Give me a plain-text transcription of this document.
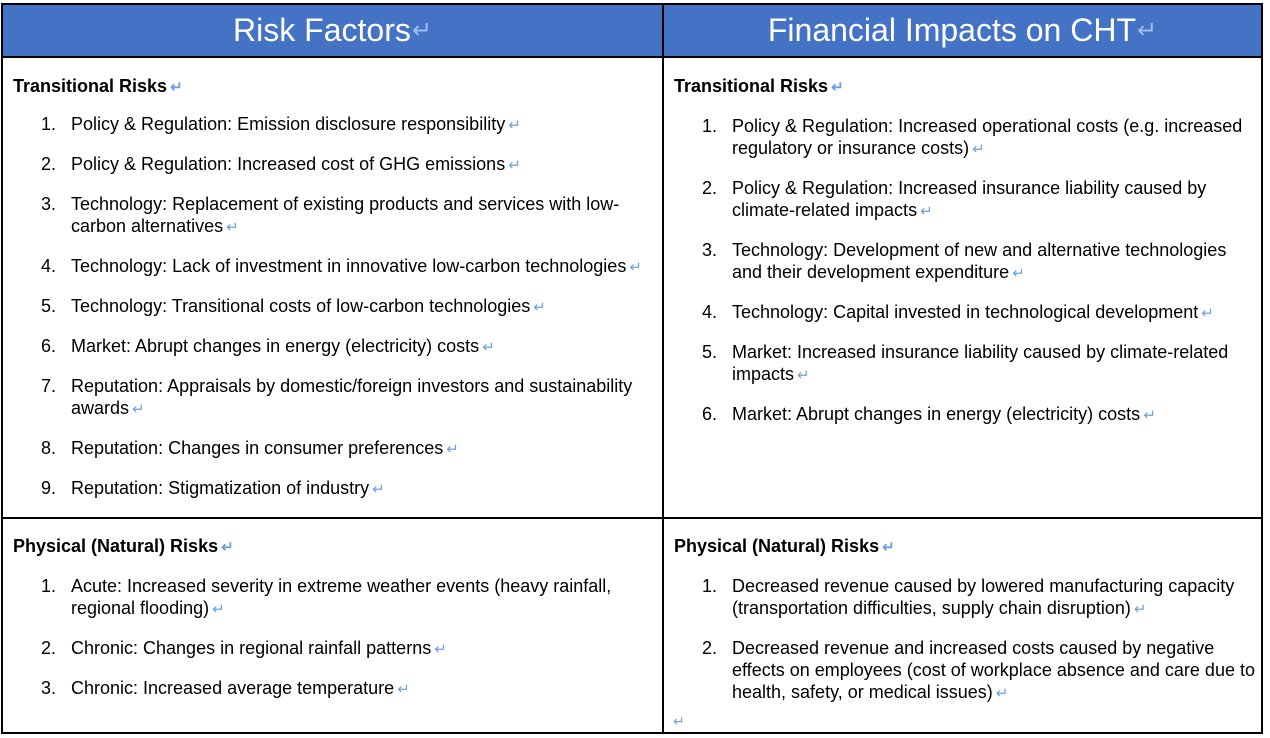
Risk Factors ↵	Financial Impacts on CHT ↵
Transitional Risks ↵
1. Policy & Regulation: Emission disclosure responsibility ↵
2. Policy & Regulation: Increased cost of GHG emissions ↵
3. Technology: Replacement of existing products and services with low-carbon alternatives ↵
4. Technology: Lack of investment in innovative low-carbon technologies ↵
5. Technology: Transitional costs of low-carbon technologies ↵
6. Market: Abrupt changes in energy (electricity) costs ↵
7. Reputation: Appraisals by domestic/foreign investors and sustainability awards ↵
8. Reputation: Changes in consumer preferences ↵
9. Reputation: Stigmatization of industry ↵
Transitional Risks ↵
1. Policy & Regulation: Increased operational costs (e.g. increased regulatory or insurance costs) ↵
2. Policy & Regulation: Increased insurance liability caused by climate-related impacts ↵
3. Technology: Development of new and alternative technologies and their development expenditure ↵
4. Technology: Capital invested in technological development ↵
5. Market: Increased insurance liability caused by climate-related impacts ↵
6. Market: Abrupt changes in energy (electricity) costs ↵
Physical (Natural) Risks ↵
1. Acute: Increased severity in extreme weather events (heavy rainfall, regional flooding) ↵
2. Chronic: Changes in regional rainfall patterns ↵
3. Chronic: Increased average temperature ↵
Physical (Natural) Risks ↵
1. Decreased revenue caused by lowered manufacturing capacity (transportation difficulties, supply chain disruption) ↵
2. Decreased revenue and increased costs caused by negative effects on employees (cost of workplace absence and care due to health, safety, or medical issues) ↵
↵
